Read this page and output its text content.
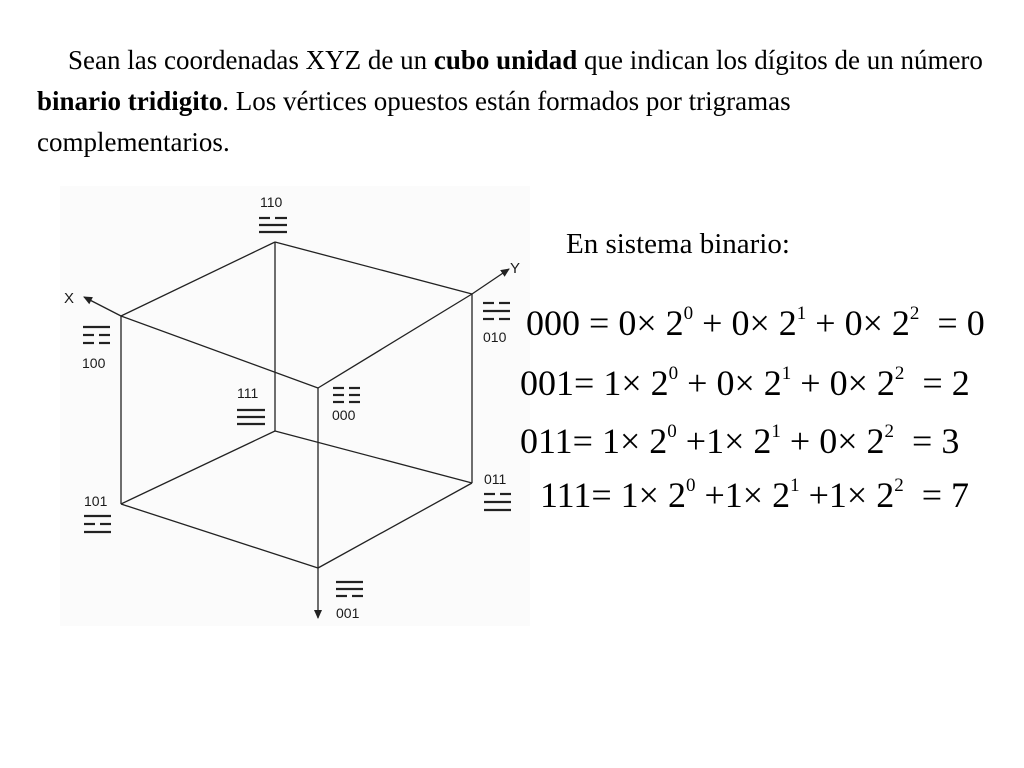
Sean las coordenadas XYZ de un cubo unidad que indican los dígitos de un número binario tridigito. Los vértices opuestos están formados por trigramas complementarios.

X
Y
110
010
100
111
000
101
011
001

En sistema binario:

$000 = 0\times 2^0 + 0\times 2^1 + 0\times 2^2 = 0$
$001= 1\times 2^0 + 0\times 2^1 + 0\times 2^2 = 2$
$011= 1\times 2^0 +1\times 2^1 + 0\times 2^2 = 3$
$111= 1\times 2^0 +1\times 2^1 +1\times 2^2 = 7$
